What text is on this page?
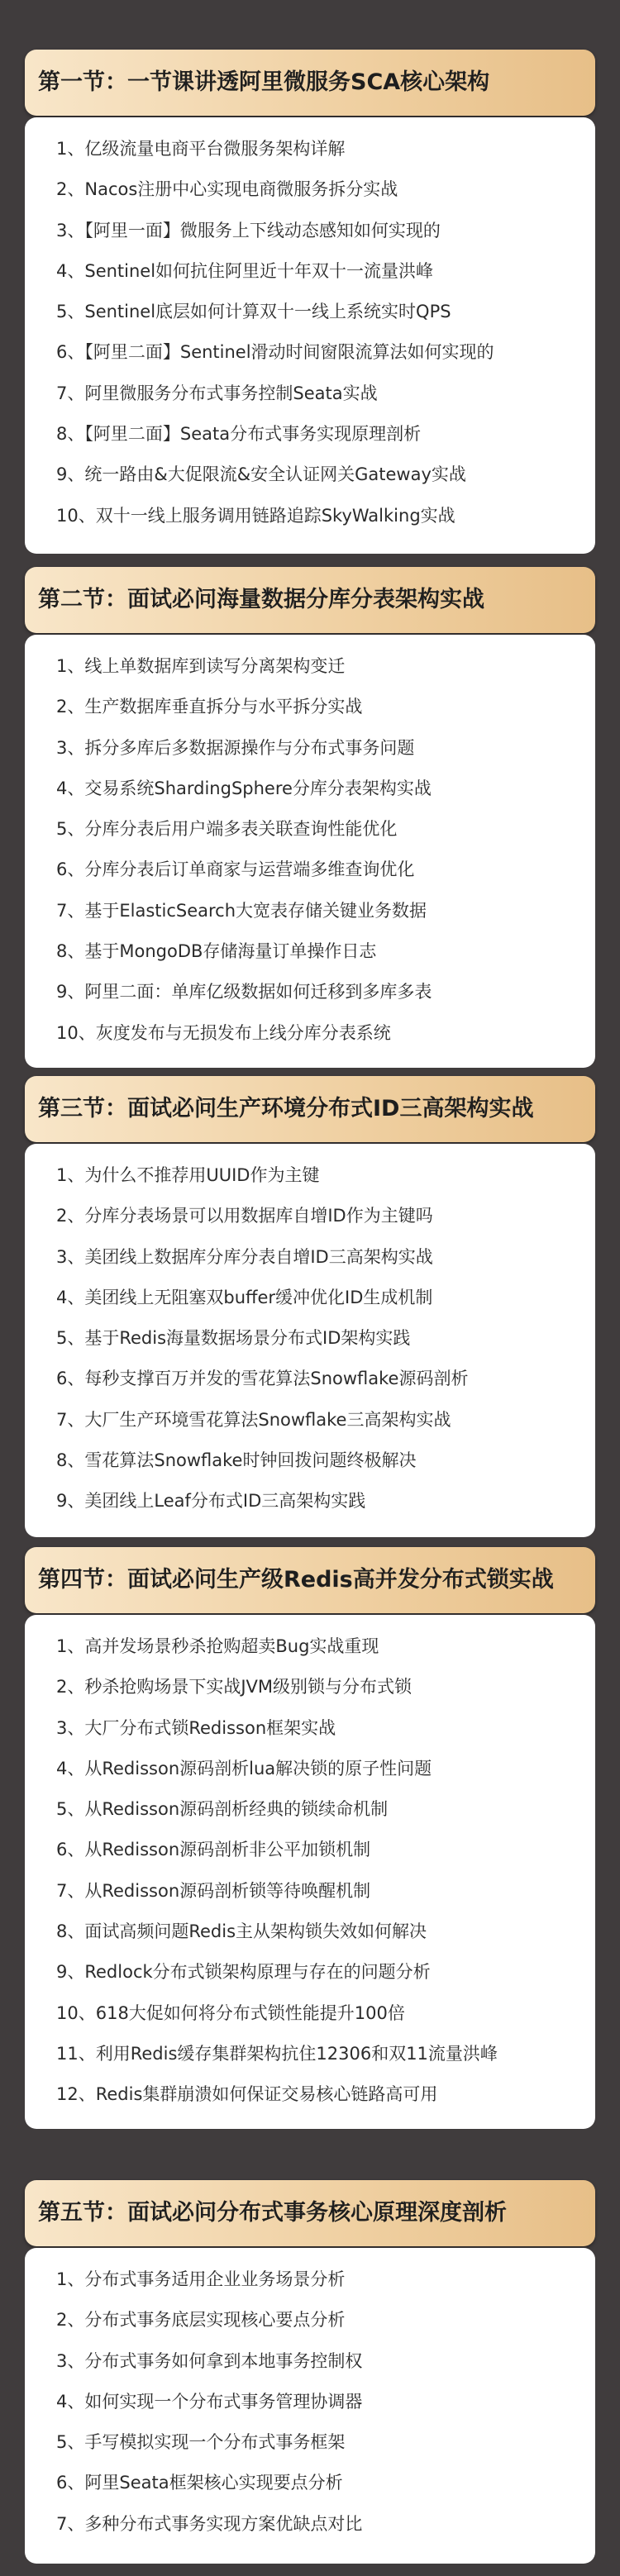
第一节：一节课讲透阿里微服务SCA核心架构
1、亿级流量电商平台微服务架构详解
2、Nacos注册中心实现电商微服务拆分实战
3、【阿里一面】微服务上下线动态感知如何实现的
4、Sentinel如何抗住阿里近十年双十一流量洪峰
5、Sentinel底层如何计算双十一线上系统实时QPS
6、【阿里二面】Sentinel滑动时间窗限流算法如何实现的
7、阿里微服务分布式事务控制Seata实战
8、【阿里二面】Seata分布式事务实现原理剖析
9、统一路由&大促限流&安全认证网关Gateway实战
10、双十一线上服务调用链路追踪SkyWalking实战
第二节：面试必问海量数据分库分表架构实战
1、线上单数据库到读写分离架构变迁
2、生产数据库垂直拆分与水平拆分实战
3、拆分多库后多数据源操作与分布式事务问题
4、交易系统ShardingSphere分库分表架构实战
5、分库分表后用户端多表关联查询性能优化
6、分库分表后订单商家与运营端多维查询优化
7、基于ElasticSearch大宽表存储关键业务数据
8、基于MongoDB存储海量订单操作日志
9、阿里二面：单库亿级数据如何迁移到多库多表
10、灰度发布与无损发布上线分库分表系统
第三节：面试必问生产环境分布式ID三高架构实战
1、为什么不推荐用UUID作为主键
2、分库分表场景可以用数据库自增ID作为主键吗
3、美团线上数据库分库分表自增ID三高架构实战
4、美团线上无阻塞双buffer缓冲优化ID生成机制
5、基于Redis海量数据场景分布式ID架构实践
6、每秒支撑百万并发的雪花算法Snowflake源码剖析
7、大厂生产环境雪花算法Snowflake三高架构实战
8、雪花算法Snowflake时钟回拨问题终极解决
9、美团线上Leaf分布式ID三高架构实践
第四节：面试必问生产级Redis高并发分布式锁实战
1、高并发场景秒杀抢购超卖Bug实战重现
2、秒杀抢购场景下实战JVM级别锁与分布式锁
3、大厂分布式锁Redisson框架实战
4、从Redisson源码剖析lua解决锁的原子性问题
5、从Redisson源码剖析经典的锁续命机制
6、从Redisson源码剖析非公平加锁机制
7、从Redisson源码剖析锁等待唤醒机制
8、面试高频问题Redis主从架构锁失效如何解决
9、Redlock分布式锁架构原理与存在的问题分析
10、618大促如何将分布式锁性能提升100倍
11、利用Redis缓存集群架构抗住12306和双11流量洪峰
12、Redis集群崩溃如何保证交易核心链路高可用
第五节：面试必问分布式事务核心原理深度剖析
1、分布式事务适用企业业务场景分析
2、分布式事务底层实现核心要点分析
3、分布式事务如何拿到本地事务控制权
4、如何实现一个分布式事务管理协调器
5、手写模拟实现一个分布式事务框架
6、阿里Seata框架核心实现要点分析
7、多种分布式事务实现方案优缺点对比
